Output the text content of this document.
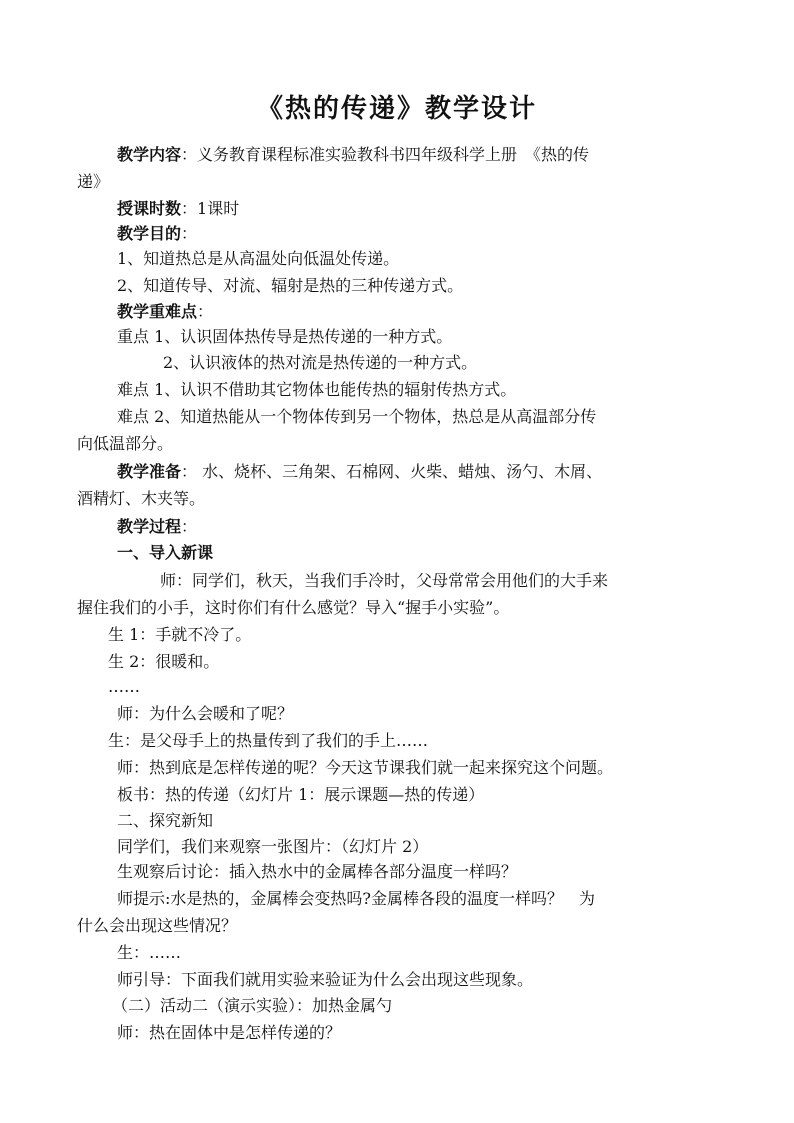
《热的传递》教学设计
教学内容：义务教育课程标准实验教科书四年级科学上册　《热的传
递》
授课时数：1课时
教学目的：
1、知道热总是从高温处向低温处传递。
2、知道传导、对流、辐射是热的三种传递方式。
教学重难点：
重点 1、认识固体热传导是热传递的一种方式。
2、认识液体的热对流是热传递的一种方式。
难点 1、认识不借助其它物体也能传热的辐射传热方式。
难点 2、知道热能从一个物体传到另一个物体，热总是从高温部分传
向低温部分。
教学准备： 水、烧杯、三角架、石棉网、火柴、蜡烛、汤勺、木屑、
酒精灯、木夹等。
教学过程：
一、导入新课
师：同学们，秋天，当我们手冷时，父母常常会用他们的大手来
握住我们的小手，这时你们有什么感觉？导入“握手小实验”。
生 1：手就不冷了。
生 2：很暖和。
……
师：为什么会暖和了呢？
生：是父母手上的热量传到了我们的手上……
师：热到底是怎样传递的呢？今天这节课我们就一起来探究这个问题。
板书：热的传递（幻灯片 1：展示课题—热的传递）
二、探究新知
同学们，我们来观察一张图片：（幻灯片 2）
生观察后讨论：插入热水中的金属棒各部分温度一样吗？
师提示:水是热的，金属棒会变热吗?金属棒各段的温度一样吗？　为
什么会出现这些情况？
生：……
师引导：下面我们就用实验来验证为什么会出现这些现象。
（二）活动二（演示实验）：加热金属勺
师：热在固体中是怎样传递的？
